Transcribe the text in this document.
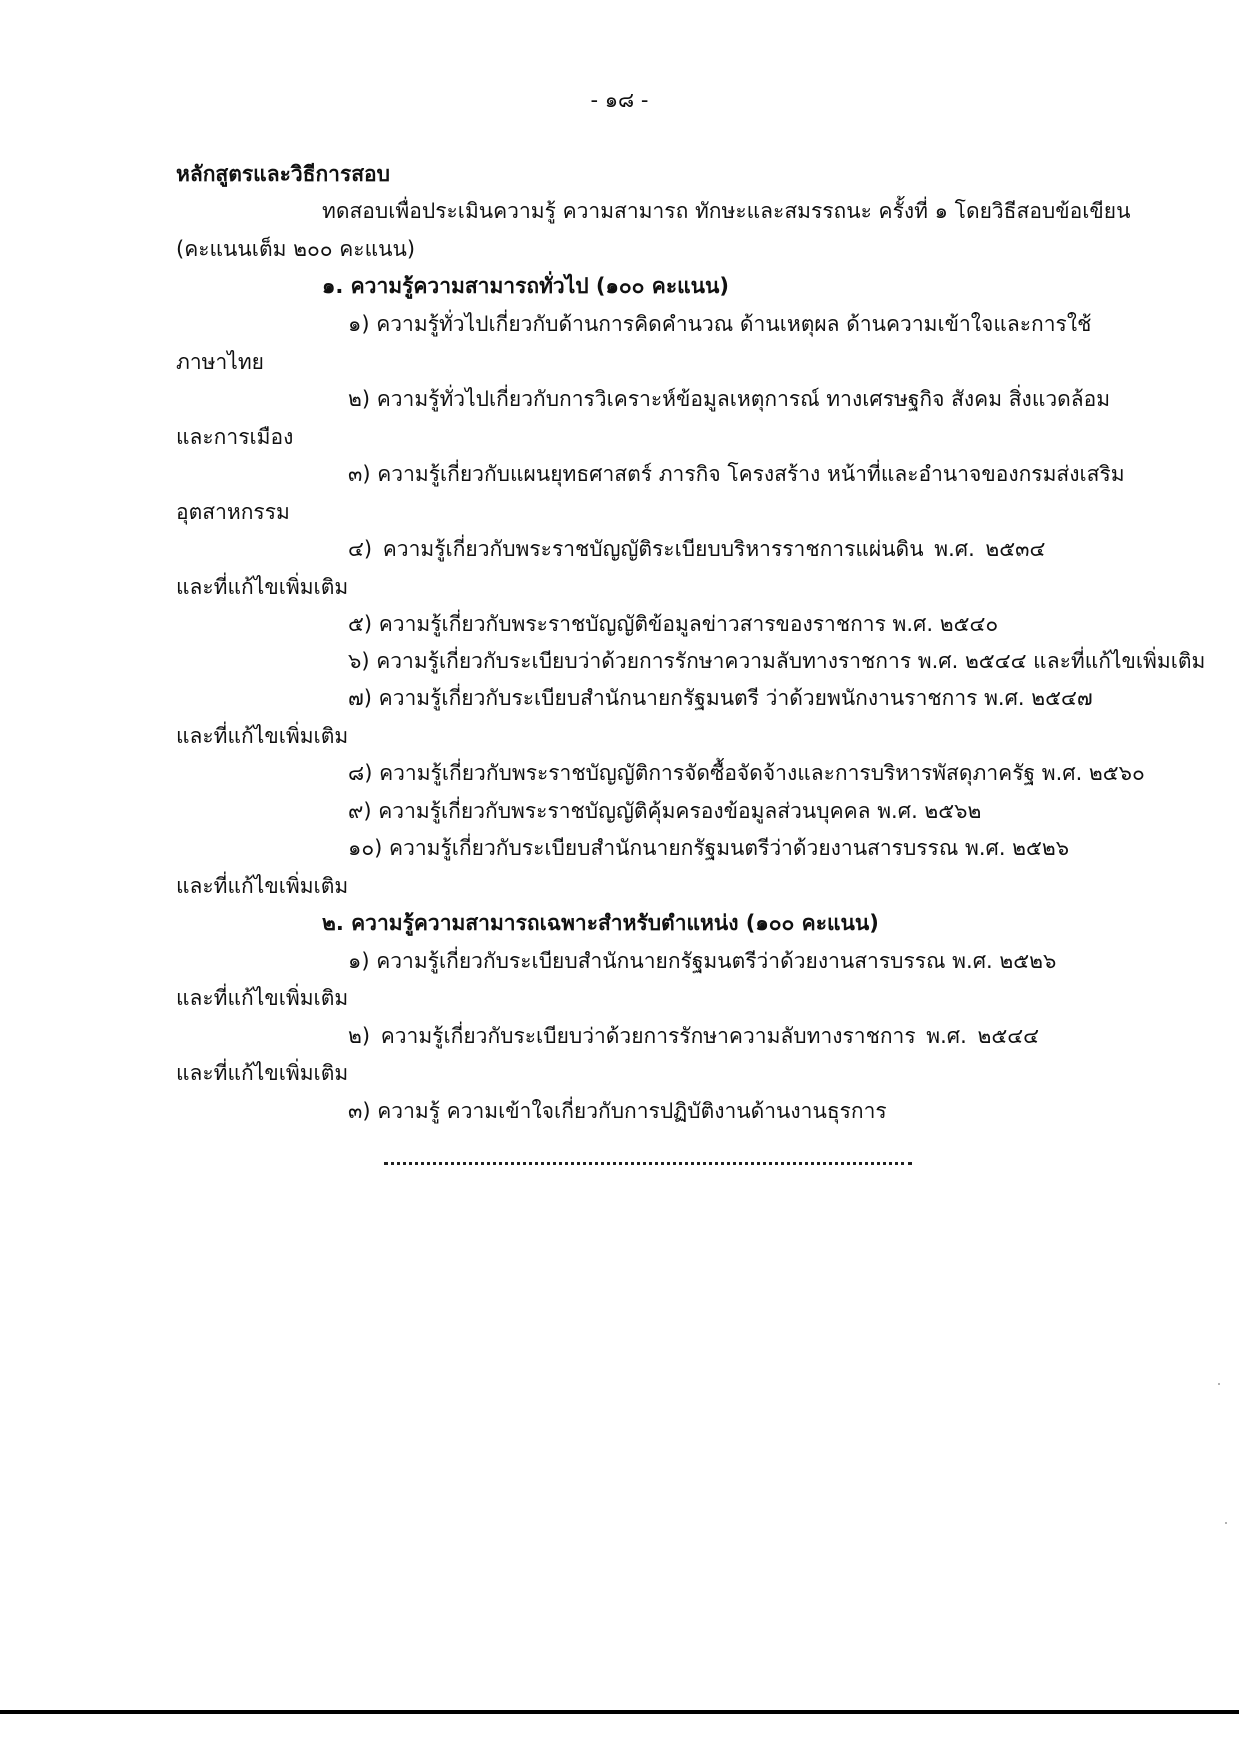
- ๑๘ -
หลักสูตรและวิธีการสอบ
ทดสอบเพื่อประเมินความรู้ ความสามารถ ทักษะและสมรรถนะ ครั้งที่ ๑ โดยวิธีสอบข้อเขียน
(คะแนนเต็ม ๒๐๐ คะแนน)
๑. ความรู้ความสามารถทั่วไป (๑๐๐ คะแนน)
๑) ความรู้ทั่วไปเกี่ยวกับด้านการคิดคำนวณ ด้านเหตุผล ด้านความเข้าใจและการใช้
ภาษาไทย
๒) ความรู้ทั่วไปเกี่ยวกับการวิเคราะห์ข้อมูลเหตุการณ์ ทางเศรษฐกิจ สังคม สิ่งแวดล้อม
และการเมือง
๓) ความรู้เกี่ยวกับแผนยุทธศาสตร์ ภารกิจ โครงสร้าง หน้าที่และอำนาจของกรมส่งเสริม
อุตสาหกรรม
๔) ความรู้เกี่ยวกับพระราชบัญญัติระเบียบบริหารราชการแผ่นดิน พ.ศ. ๒๕๓๔
และที่แก้ไขเพิ่มเติม
๕) ความรู้เกี่ยวกับพระราชบัญญัติข้อมูลข่าวสารของราชการ พ.ศ. ๒๕๔๐
๖) ความรู้เกี่ยวกับระเบียบว่าด้วยการรักษาความลับทางราชการ พ.ศ. ๒๕๔๔ และที่แก้ไขเพิ่มเติม
๗) ความรู้เกี่ยวกับระเบียบสำนักนายกรัฐมนตรี ว่าด้วยพนักงานราชการ พ.ศ. ๒๕๔๗
และที่แก้ไขเพิ่มเติม
๘) ความรู้เกี่ยวกับพระราชบัญญัติการจัดซื้อจัดจ้างและการบริหารพัสดุภาครัฐ พ.ศ. ๒๕๖๐
๙) ความรู้เกี่ยวกับพระราชบัญญัติคุ้มครองข้อมูลส่วนบุคคล พ.ศ. ๒๕๖๒
๑๐) ความรู้เกี่ยวกับระเบียบสำนักนายกรัฐมนตรีว่าด้วยงานสารบรรณ พ.ศ. ๒๕๒๖
และที่แก้ไขเพิ่มเติม
๒. ความรู้ความสามารถเฉพาะสำหรับตำแหน่ง (๑๐๐ คะแนน)
๑) ความรู้เกี่ยวกับระเบียบสำนักนายกรัฐมนตรีว่าด้วยงานสารบรรณ พ.ศ. ๒๕๒๖
และที่แก้ไขเพิ่มเติม
๒) ความรู้เกี่ยวกับระเบียบว่าด้วยการรักษาความลับทางราชการ พ.ศ. ๒๕๔๔
และที่แก้ไขเพิ่มเติม
๓) ความรู้ ความเข้าใจเกี่ยวกับการปฏิบัติงานด้านงานธุรการ
